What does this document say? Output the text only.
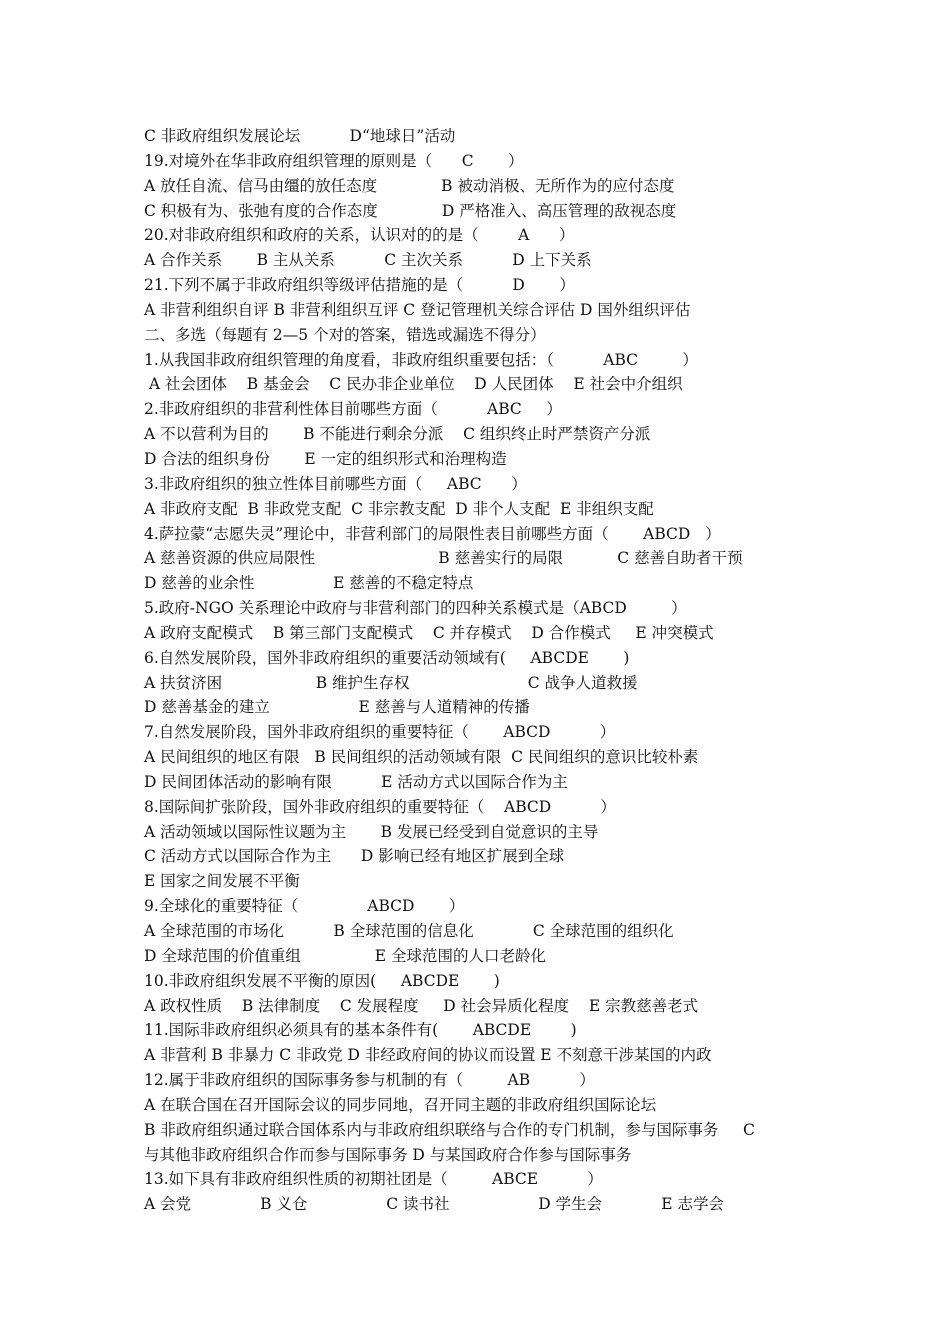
C 非政府组织发展论坛          D“地球日”活动
19.对境外在华非政府组织管理的原则是（      C       ）
A 放任自流、信马由缰的放任态度             B 被动消极、无所作为的应付态度
C 积极有为、张弛有度的合作态度             D 严格准入、高压管理的敌视态度
20.对非政府组织和政府的关系，认识对的的是（        A      ）
A 合作关系       B 主从关系          C 主次关系          D 上下关系
21.下列不属于非政府组织等级评估措施的是（          D       ）
A 非营利组织自评 B 非营利组织互评 C 登记管理机关综合评估 D 国外组织评估
二、多选（每题有 2—5 个对的答案，错选或漏选不得分）
1.从我国非政府组织管理的角度看，非政府组织重要包括：（          ABC         ）
A 社会团体    B 基金会    C 民办非企业单位    D 人民团体    E 社会中介组织
2.非政府组织的非营利性体目前哪些方面（          ABC     ）
A 不以营利为目的       B 不能进行剩余分派    C 组织终止时严禁资产分派
D 合法的组织身份       E 一定的组织形式和治理构造
3.非政府组织的独立性体目前哪些方面（     ABC      ）
A 非政府支配  B 非政党支配  C 非宗教支配  D 非个人支配  E 非组织支配
4.萨拉蒙“志愿失灵”理论中，非营利部门的局限性表目前哪些方面（       ABCD   ）
A 慈善资源的供应局限性                         B 慈善实行的局限           C 慈善自助者干预
D 慈善的业余性                E 慈善的不稳定特点
5.政府-NGO 关系理论中政府与非营利部门的四种关系模式是（ABCD         ）
A 政府支配模式    B 第三部门支配模式    C 并存模式    D 合作模式     E 冲突模式
6.自然发展阶段，国外非政府组织的重要活动领域有(     ABCDE       )
A 扶贫济困                   B 维护生存权                        C 战争人道救援
D 慈善基金的建立                  E 慈善与人道精神的传播
7.自然发展阶段，国外非政府组织的重要特征（       ABCD          ）
A 民间组织的地区有限   B 民间组织的活动领域有限  C 民间组织的意识比较朴素
D 民间团体活动的影响有限          E 活动方式以国际合作为主
8.国际间扩张阶段，国外非政府组织的重要特征（    ABCD          ）
A 活动领域以国际性议题为主       B 发展已经受到自觉意识的主导
C 活动方式以国际合作为主      D 影响已经有地区扩展到全球
E 国家之间发展不平衡
9.全球化的重要特征（              ABCD       ）
A 全球范围的市场化          B 全球范围的信息化            C 全球范围的组织化
D 全球范围的价值重组               E 全球范围的人口老龄化
10.非政府组织发展不平衡的原因(     ABCDE       )
A 政权性质    B 法律制度    C 发展程度     D 社会异质化程度    E 宗教慈善老式
11.国际非政府组织必须具有的基本条件有(       ABCDE        )
A 非营利 B 非暴力 C 非政党 D 非经政府间的协议而设置 E 不刻意干涉某国的内政
12.属于非政府组织的国际事务参与机制的有（         AB          ）
A 在联合国在召开国际会议的同步同地，召开同主题的非政府组织国际论坛
B 非政府组织通过联合国体系内与非政府组织联络与合作的专门机制，参与国际事务     C
与其他非政府组织合作而参与国际事务 D 与某国政府合作参与国际事务
13.如下具有非政府组织性质的初期社团是（         ABCE          ）
A 会党              B 义仓                C 读书社                  D 学生会            E 志学会
